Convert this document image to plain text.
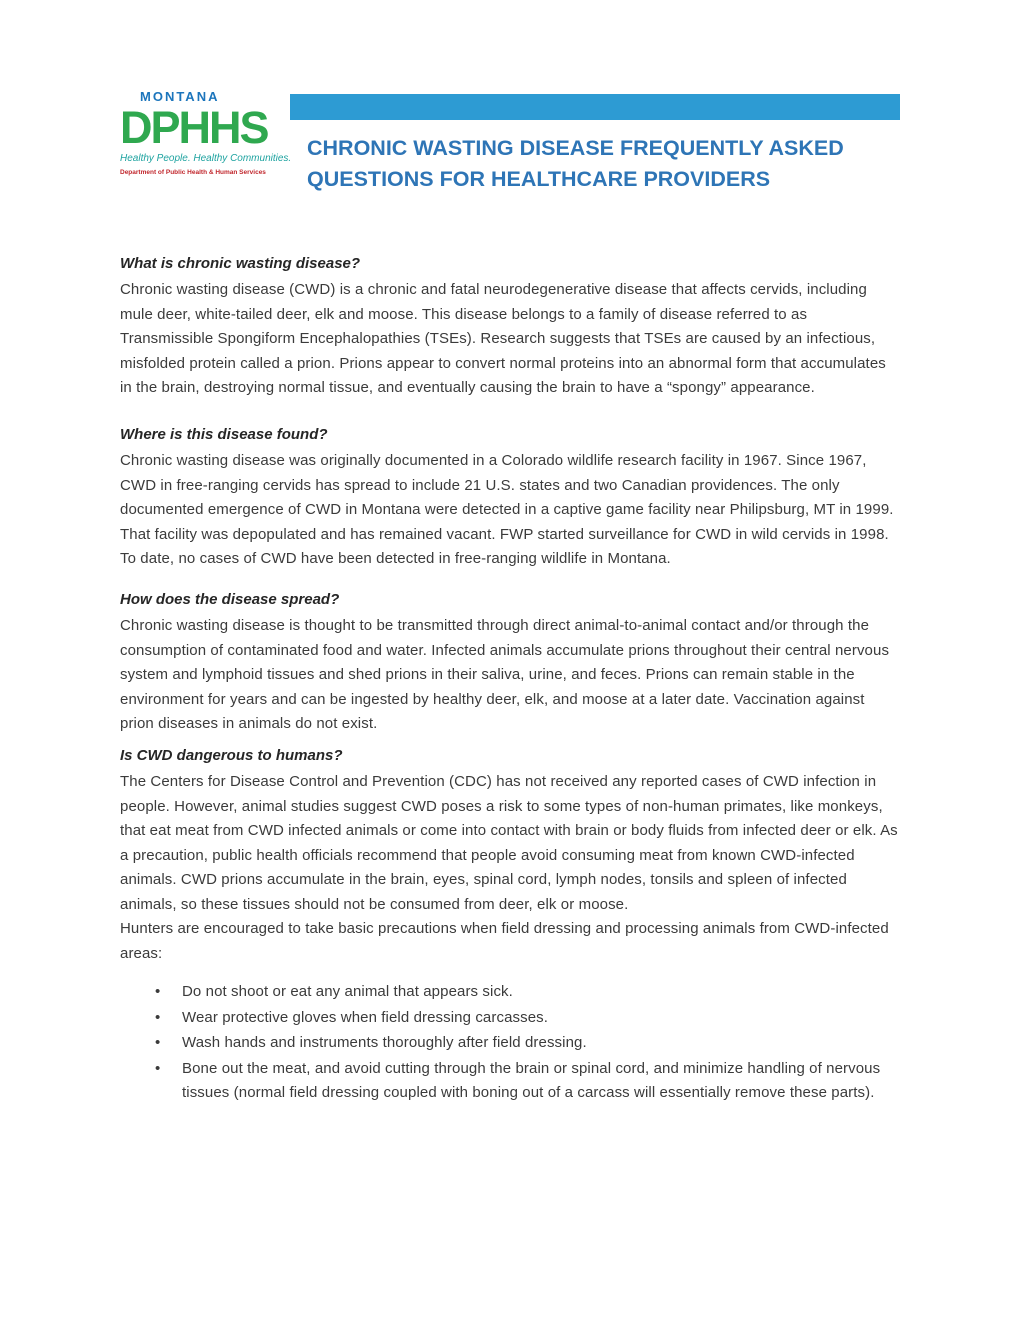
MONTANA
DPHHS
Healthy People. Healthy Communities.
Department of Public Health & Human Services
CHRONIC WASTING DISEASE FREQUENTLY ASKED QUESTIONS FOR HEALTHCARE PROVIDERS
What is chronic wasting disease?

Chronic wasting disease (CWD) is a chronic and fatal neurodegenerative disease that affects cervids, including mule deer, white-tailed deer, elk and moose. This disease belongs to a family of disease referred to as Transmissible Spongiform Encephalopathies (TSEs). Research suggests that TSEs are caused by an infectious, misfolded protein called a prion. Prions appear to convert normal proteins into an abnormal form that accumulates in the brain, destroying normal tissue, and eventually causing the brain to have a “spongy” appearance.

Where is this disease found?

Chronic wasting disease was originally documented in a Colorado wildlife research facility in 1967. Since 1967, CWD in free-ranging cervids has spread to include 21 U.S. states and two Canadian providences. The only documented emergence of CWD in Montana were detected in a captive game facility near Philipsburg, MT in 1999. That facility was depopulated and has remained vacant. FWP started surveillance for CWD in wild cervids in 1998. To date, no cases of CWD have been detected in free-ranging wildlife in Montana.

How does the disease spread?

Chronic wasting disease is thought to be transmitted through direct animal-to-animal contact and/or through the consumption of contaminated food and water. Infected animals accumulate prions throughout their central nervous system and lymphoid tissues and shed prions in their saliva, urine, and feces. Prions can remain stable in the environment for years and can be ingested by healthy deer, elk, and moose at a later date. Vaccination against prion diseases in animals do not exist.

Is CWD dangerous to humans?

The Centers for Disease Control and Prevention (CDC) has not received any reported cases of CWD infection in people. However, animal studies suggest CWD poses a risk to some types of non-human primates, like monkeys, that eat meat from CWD infected animals or come into contact with brain or body fluids from infected deer or elk. As a precaution, public health officials recommend that people avoid consuming meat from known CWD-infected animals. CWD prions accumulate in the brain, eyes, spinal cord, lymph nodes, tonsils and spleen of infected animals, so these tissues should not be consumed from deer, elk or moose.

Hunters are encouraged to take basic precautions when field dressing and processing animals from CWD-infected areas:

• Do not shoot or eat any animal that appears sick.
• Wear protective gloves when field dressing carcasses.
• Wash hands and instruments thoroughly after field dressing.
• Bone out the meat, and avoid cutting through the brain or spinal cord, and minimize handling of nervous tissues (normal field dressing coupled with boning out of a carcass will essentially remove these parts).
